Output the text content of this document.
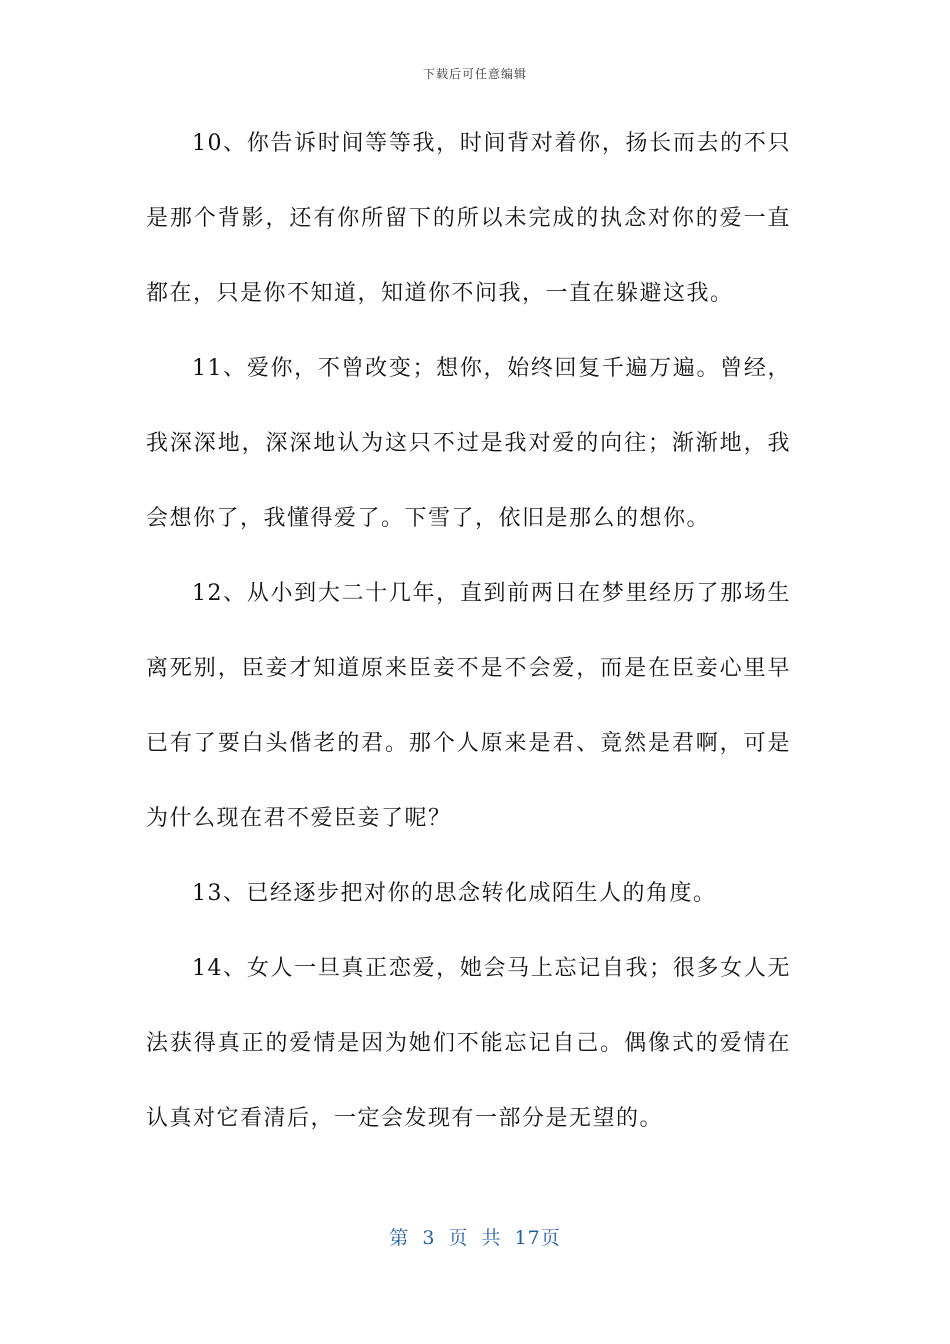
下载后可任意编辑

10、你告诉时间等等我，时间背对着你，扬长而去的不只是那个背影，还有你所留下的所以未完成的执念对你的爱一直都在，只是你不知道，知道你不问我，一直在躲避这我。

11、爱你，不曾改变；想你，始终回复千遍万遍。曾经，我深深地，深深地认为这只不过是我对爱的向往；渐渐地，我会想你了，我懂得爱了。下雪了，依旧是那么的想你。

12、从小到大二十几年，直到前两日在梦里经历了那场生离死别，臣妾才知道原来臣妾不是不会爱，而是在臣妾心里早已有了要白头偕老的君。那个人原来是君、竟然是君啊，可是为什么现在君不爱臣妾了呢？

13、已经逐步把对你的思念转化成陌生人的角度。

14、女人一旦真正恋爱，她会马上忘记自我；很多女人无法获得真正的爱情是因为她们不能忘记自己。偶像式的爱情在认真对它看清后，一定会发现有一部分是无望的。

第 3 页 共 17页
